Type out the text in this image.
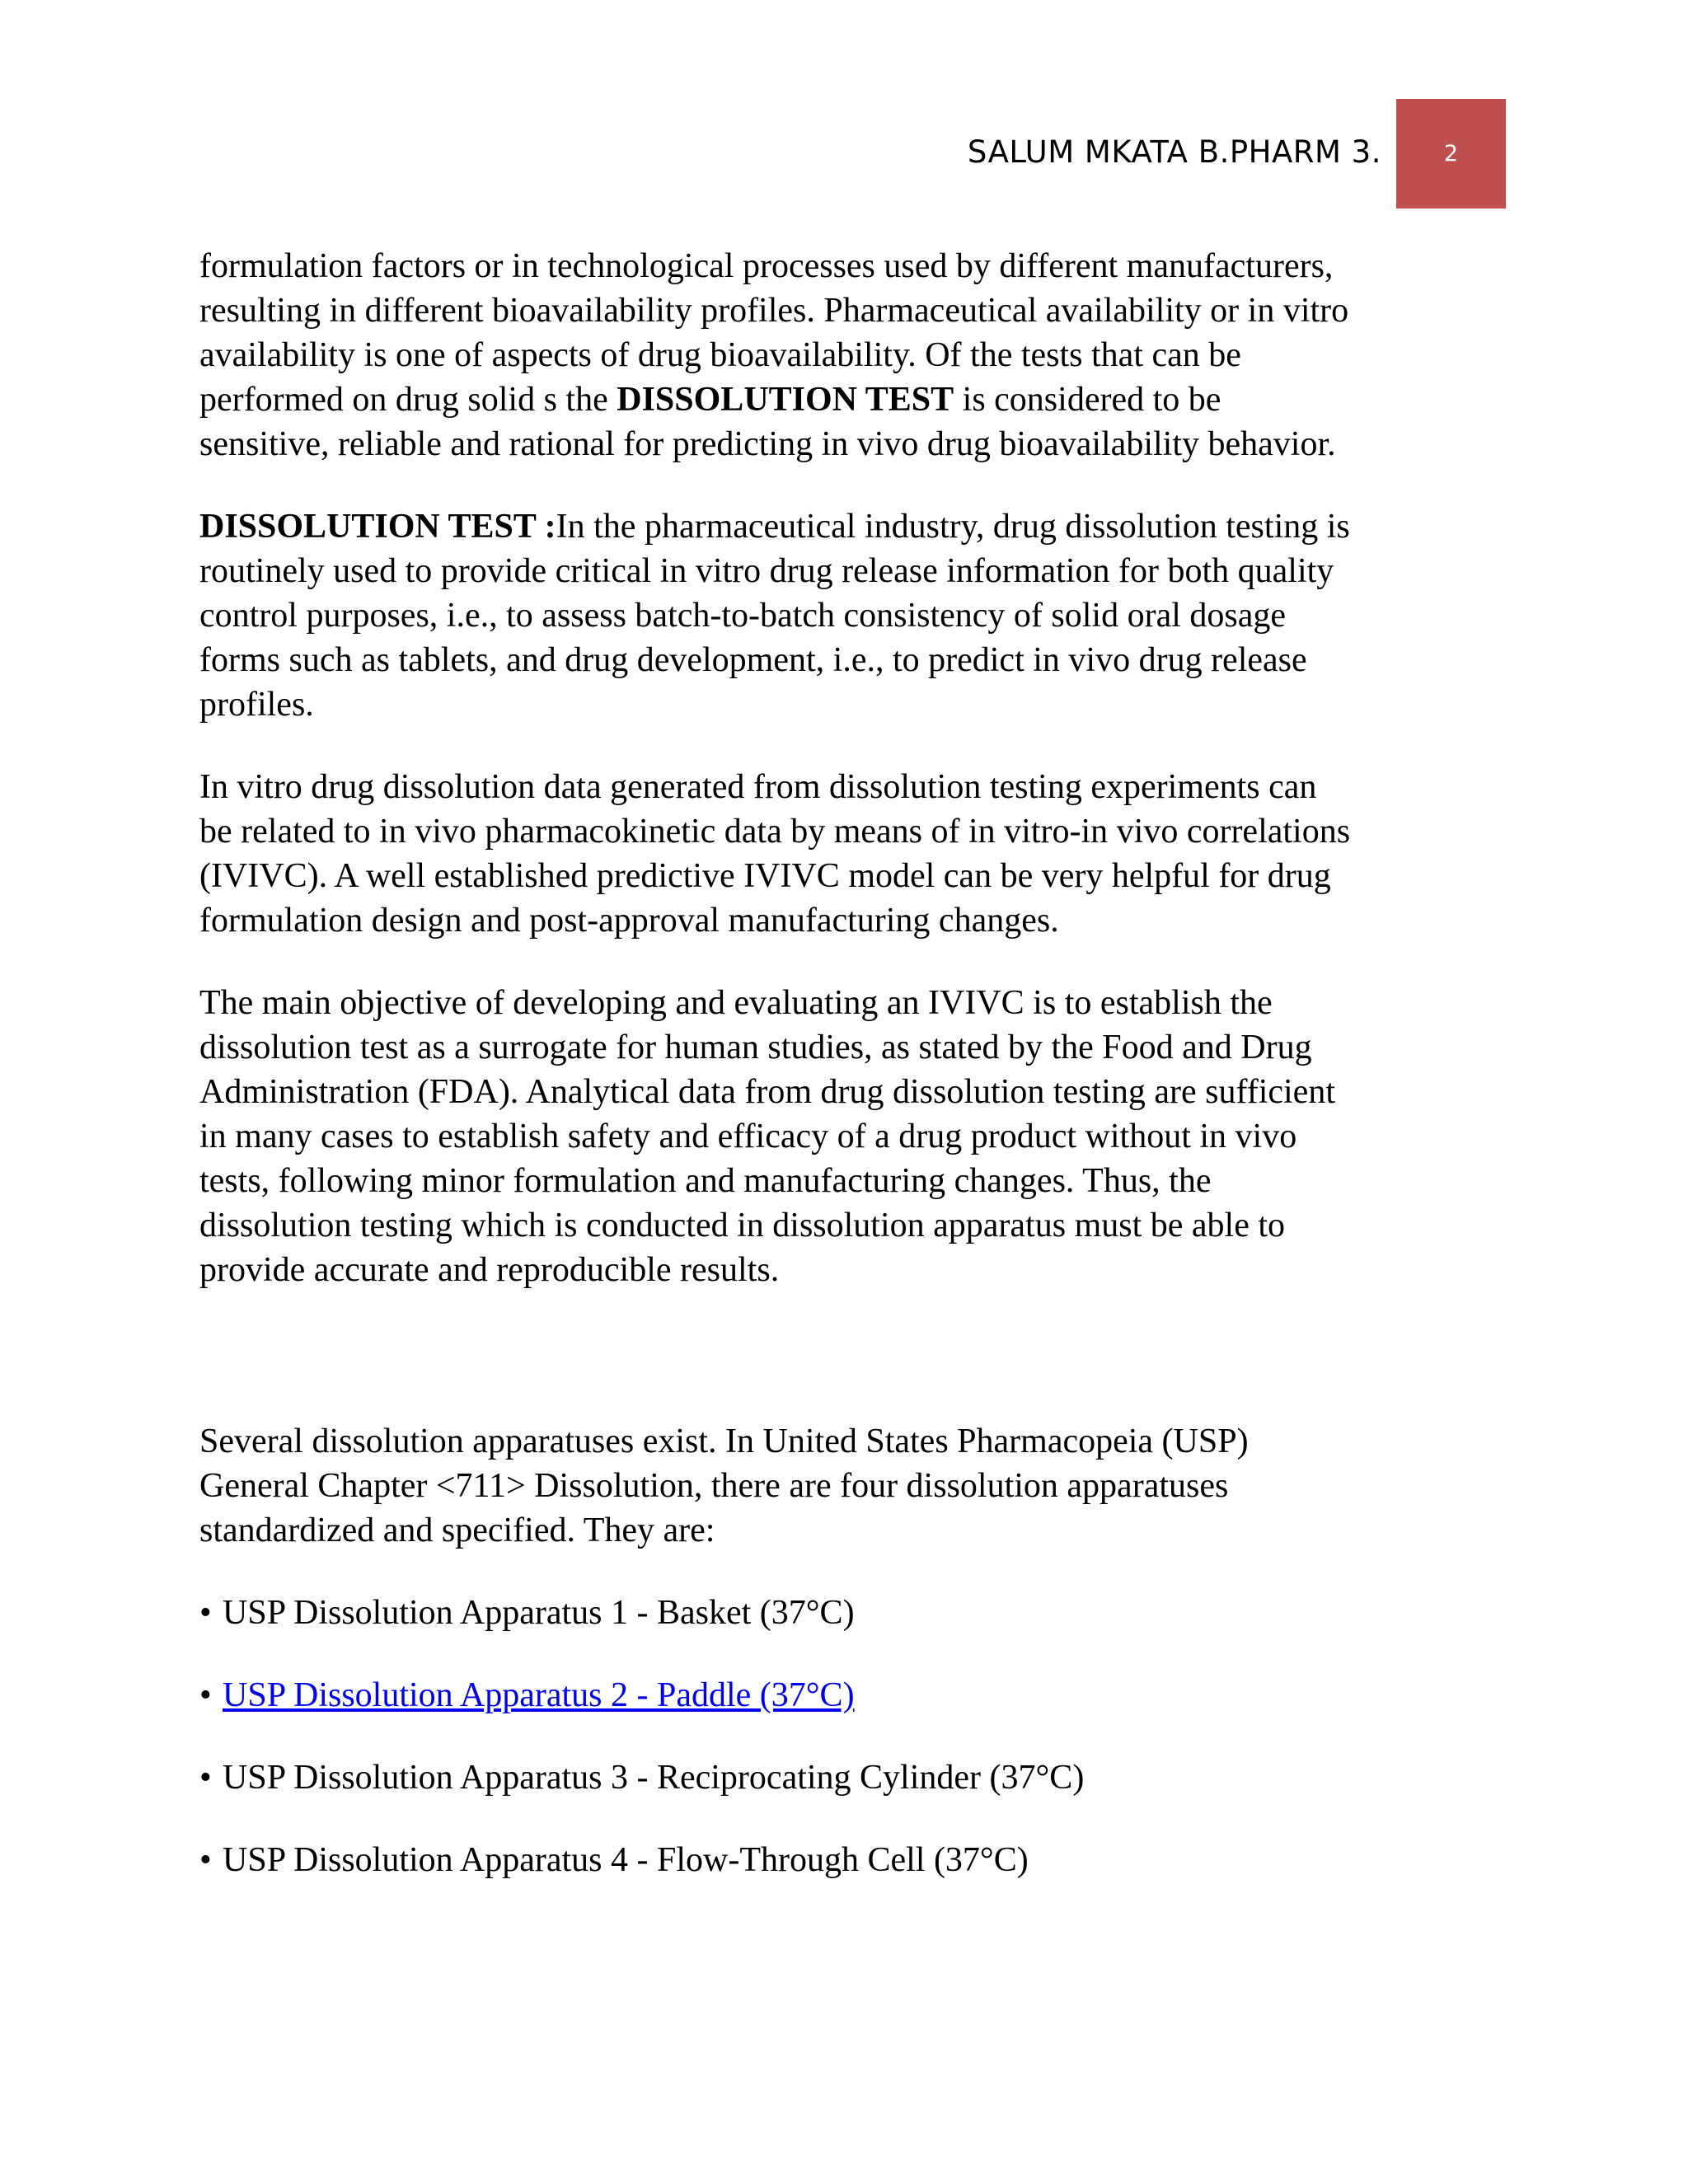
SALUM MKATA B.PHARM 3.	2

formulation factors or in technological processes used by different manufacturers,

resulting in different bioavailability profiles. Pharmaceutical availability or in vitro

availability is one of aspects of drug bioavailability. Of the tests that can be

performed on drug solid s the DISSOLUTION TEST is considered to be

sensitive, reliable and rational for predicting in vivo drug bioavailability behavior.

DISSOLUTION TEST :In the pharmaceutical industry, drug dissolution testing is

routinely used to provide critical in vitro drug release information for both quality

control purposes, i.e., to assess batch-to-batch consistency of solid oral dosage

forms such as tablets, and drug development, i.e., to predict in vivo drug release

profiles.

In vitro drug dissolution data generated from dissolution testing experiments can

be related to in vivo pharmacokinetic data by means of in vitro-in vivo correlations

(IVIVC). A well established predictive IVIVC model can be very helpful for drug

formulation design and post-approval manufacturing changes.

The main objective of developing and evaluating an IVIVC is to establish the

dissolution test as a surrogate for human studies, as stated by the Food and Drug

Administration (FDA). Analytical data from drug dissolution testing are sufficient

in many cases to establish safety and efficacy of a drug product without in vivo

tests, following minor formulation and manufacturing changes. Thus, the

dissolution testing which is conducted in dissolution apparatus must be able to

provide accurate and reproducible results.

Several dissolution apparatuses exist. In United States Pharmacopeia (USP)

General Chapter <711> Dissolution, there are four dissolution apparatuses

standardized and specified. They are:

• USP Dissolution Apparatus 1 - Basket (37°C)
• USP Dissolution Apparatus 2 - Paddle (37°C)
• USP Dissolution Apparatus 3 - Reciprocating Cylinder (37°C)
• USP Dissolution Apparatus 4 - Flow-Through Cell (37°C)
